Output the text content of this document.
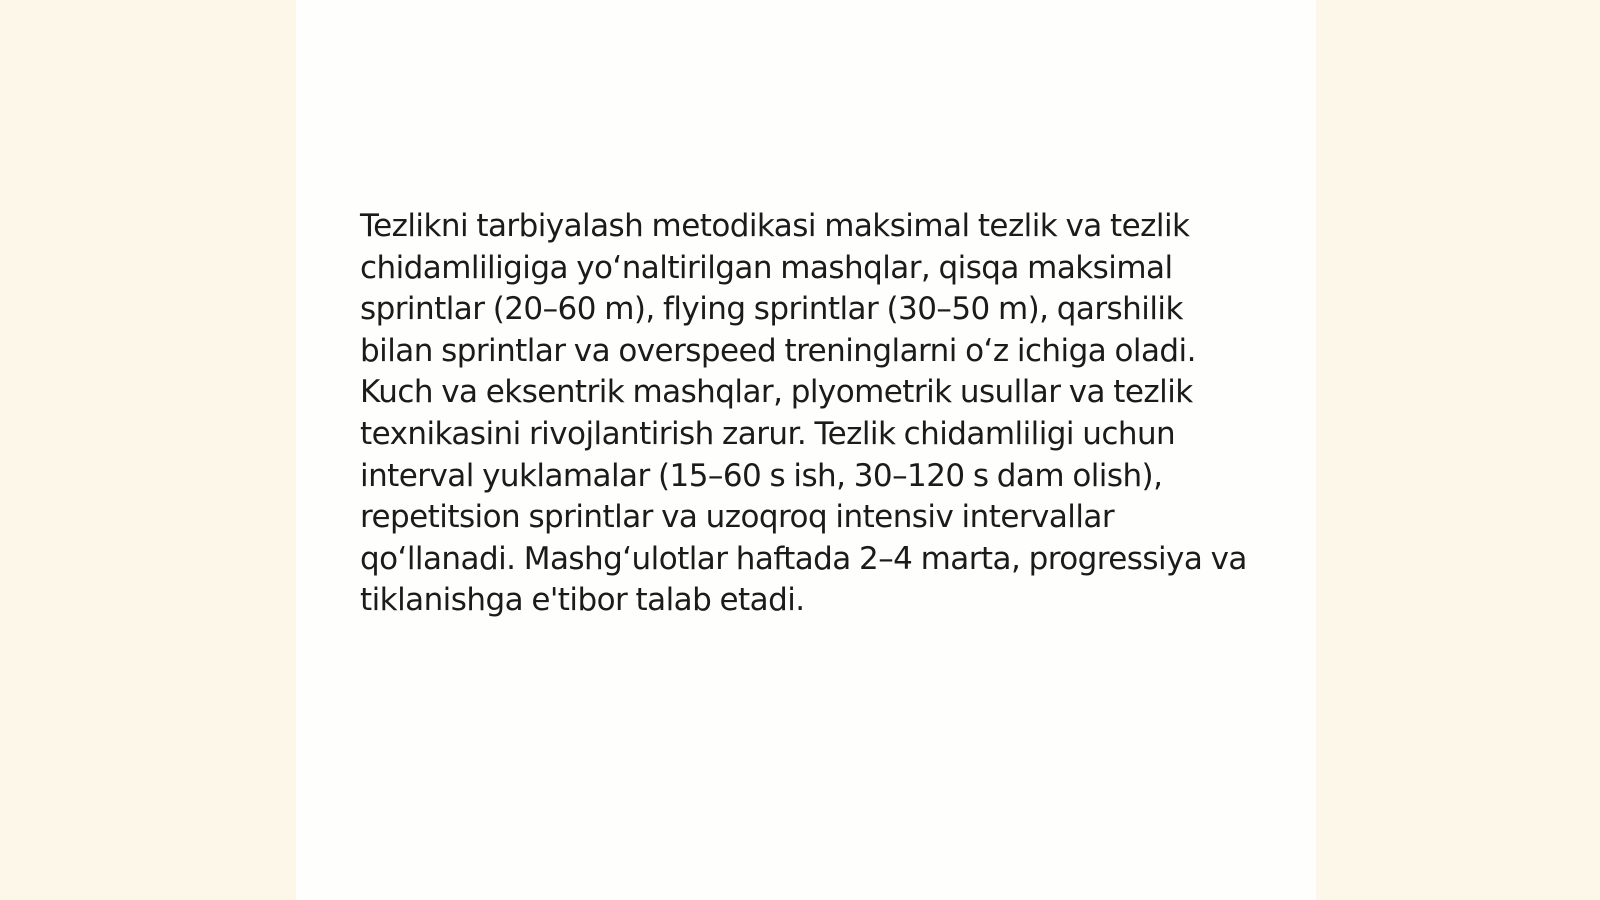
Tezlikni tarbiyalash metodikasi maksimal tezlik va tezlik chidamliligiga yoʻnaltirilgan mashqlar, qisqa maksimal sprintlar (20–60 m), flying sprintlar (30–50 m), qarshilik bilan sprintlar va overspeed treninglarni oʻz ichiga oladi. Kuch va eksentrik mashqlar, plyometrik usullar va tezlik texnikasini rivojlantirish zarur. Tezlik chidamliligi uchun interval yuklamalar (15–60 s ish, 30–120 s dam olish), repetitsion sprintlar va uzoqroq intensiv intervallar qoʻllanadi. Mashgʻulotlar haftada 2–4 marta, progressiya va tiklanishga e'tibor talab etadi.
